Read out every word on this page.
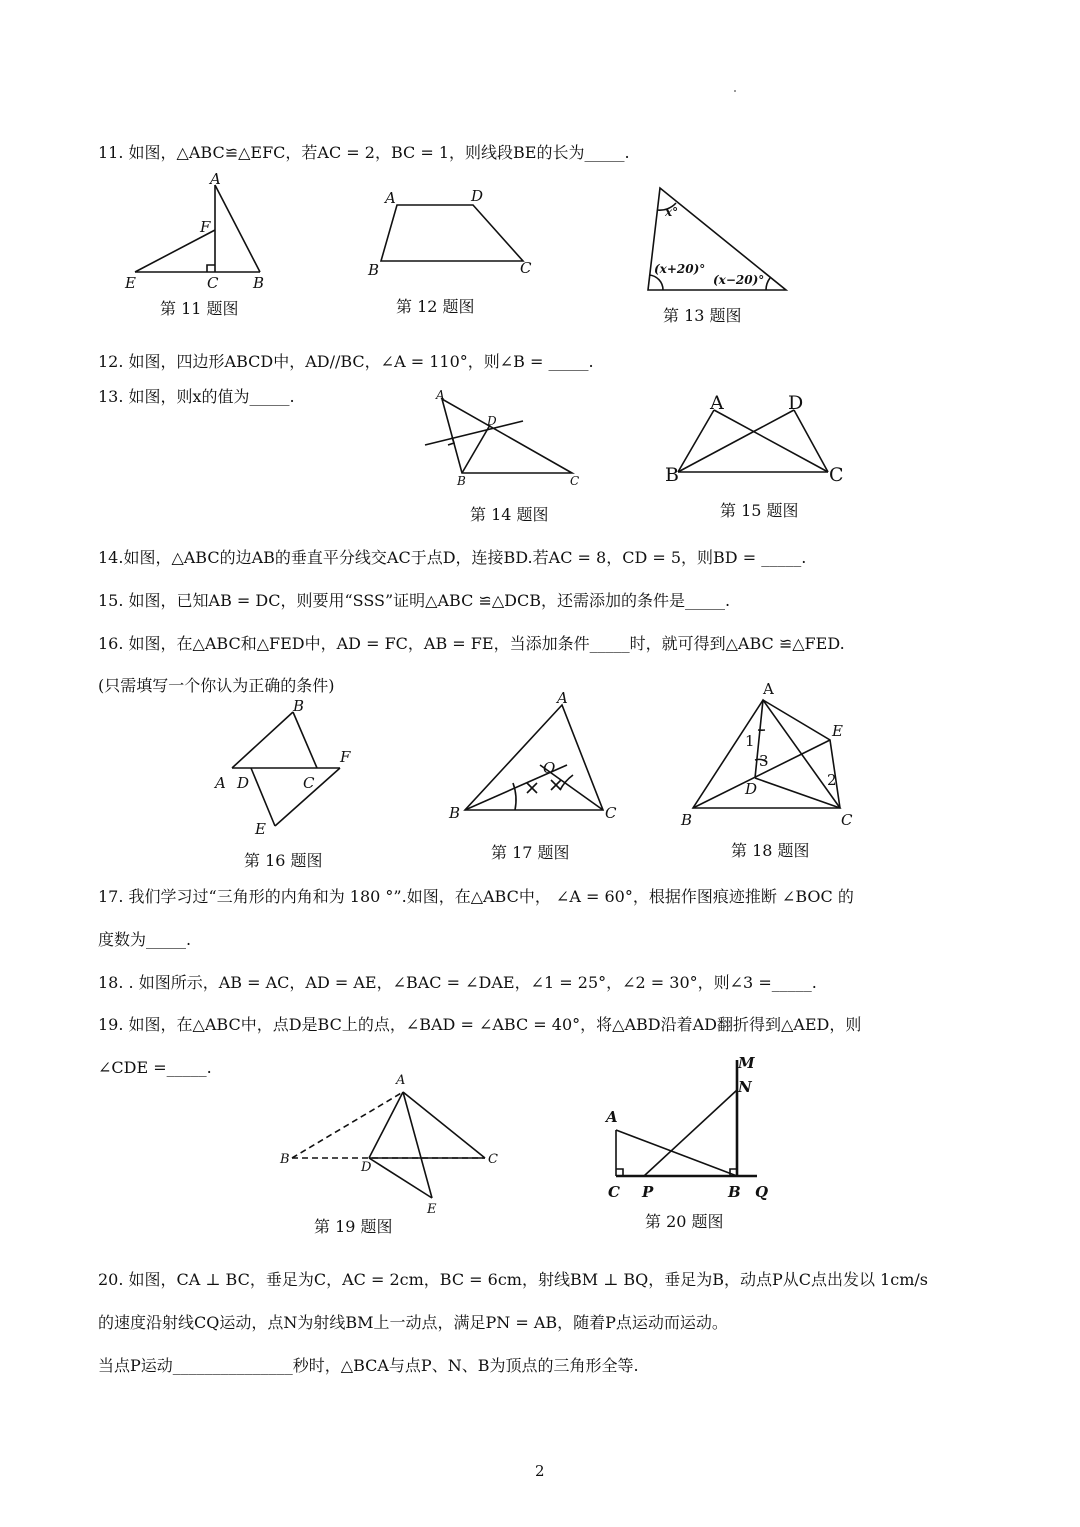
11. 如图，△ABC≌△EFC，若AC = 2，BC = 1，则线段BE的长为_____.
A
F
E	C B
第 11 题图
A	D
B	C
第 12 题图
x°
(x+20)°
(x−20)°
第 13 题图
12. 如图，四边形ABCD中，AD//BC，∠A = 110°，则∠B = _____.
13. 如图，则x的值为_____.	A
D
B	C
第 14 题图
A	D
B	C
第 15 题图
14.如图，△ABC的边AB的垂直平分线交AC于点D，连接BD.若AC = 8，CD = 5，则BD = _____.
15. 如图，已知AB = DC，则要用“SSS”证明△ABC ≌△DCB，还需添加的条件是_____.
16. 如图，在△ABC和△FED中，AD = FC，AB = FE，当添加条件_____时，就可得到△ABC ≌△FED.
(只需填写一个你认为正确的条件)
B
F
A D	C
E
第 16 题图
A
O
B	C
第 17 题图
A
E
1
3
2
D
B	C
第 18 题图
17. 我们学习过“三角形的内角和为 180 °”.如图，在△ABC中， ∠A = 60°，根据作图痕迹推断 ∠BOC 的
度数为_____.
18. . 如图所示，AB = AC，AD = AE，∠BAC = ∠DAE，∠1 = 25°，∠2 = 30°，则∠3 =_____.
19. 如图，在△ABC中，点D是BC上的点，∠BAD = ∠ABC = 40°，将△ABD沿着AD翻折得到△AED，则
∠CDE =_____.
A
B
D
C
E
第 19 题图
M
N
A
C P	B Q
第 20 题图
20. 如图，CA ⊥ BC，垂足为C，AC = 2cm，BC = 6cm，射线BM ⊥ BQ，垂足为B，动点P从C点出发以 1cm/s
的速度沿射线CQ运动，点N为射线BM上一动点，满足PN = AB，随着P点运动而运动。
当点P运动_______________秒时，△BCA与点P、N、B为顶点的三角形全等.
2
